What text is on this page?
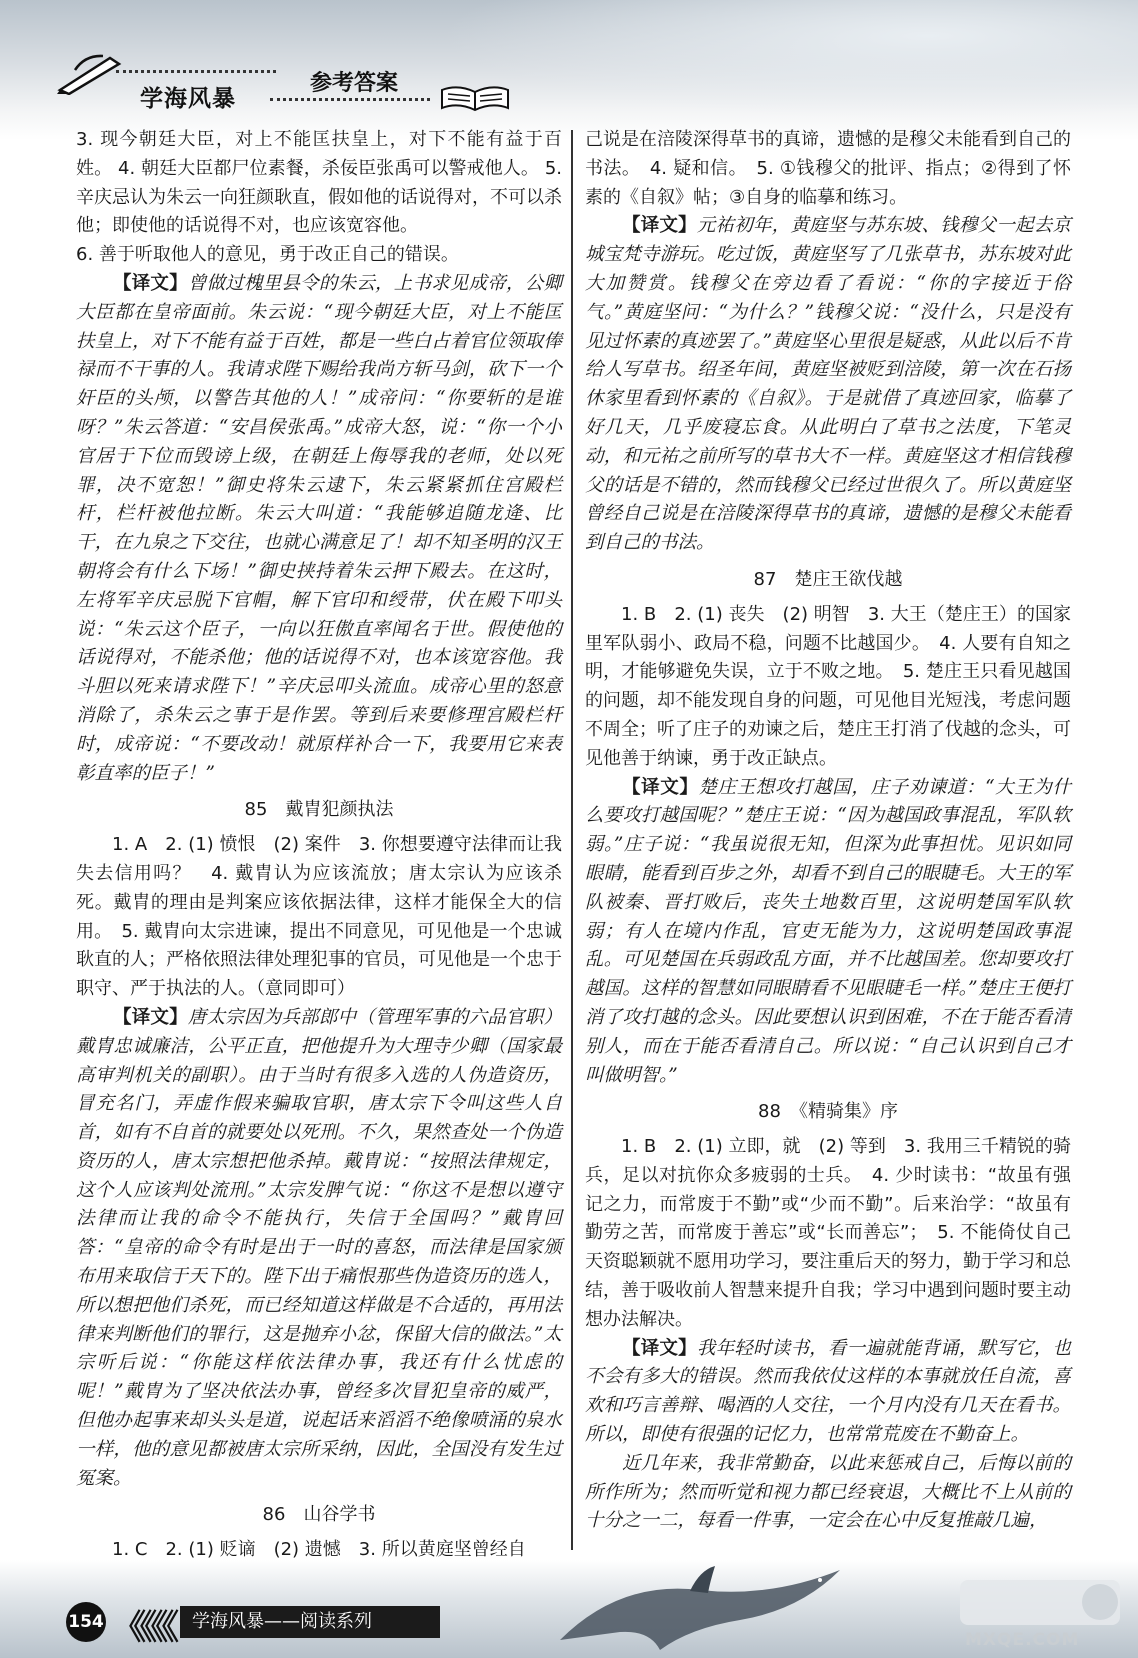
学海风暴
参考答案

3. 现今朝廷大臣，对上不能匡扶皇上，对下不能有益于百姓。 4. 朝廷大臣都尸位素餐，杀佞臣张禹可以警戒他人。 5. 辛庆忌认为朱云一向狂颜耿直，假如他的话说得对，不可以杀他；即使他的话说得不对，也应该宽容他。

6. 善于听取他人的意见，勇于改正自己的错误。

【译文】曾做过槐里县令的朱云，上书求见成帝，公卿大臣都在皇帝面前。朱云说：“现今朝廷大臣，对上不能匡扶皇上，对下不能有益于百姓，都是一些白占着官位领取俸禄而不干事的人。我请求陛下赐给我尚方斩马剑，砍下一个奸臣的头颅，以警告其他的人！”成帝问：“你要斩的是谁呀？”朱云答道：“安昌侯张禹。”成帝大怒，说：“你一个小官居于下位而毁谤上级，在朝廷上侮辱我的老师，处以死罪，决不宽恕！”御史将朱云逮下，朱云紧紧抓住宫殿栏杆，栏杆被他拉断。朱云大叫道：“我能够追随龙逄、比干，在九泉之下交往，也就心满意足了！却不知圣明的汉王朝将会有什么下场！”御史挟持着朱云押下殿去。在这时，左将军辛庆忌脱下官帽，解下官印和绶带，伏在殿下叩头说：“朱云这个臣子，一向以狂傲直率闻名于世。假使他的话说得对，不能杀他；他的话说得不对，也本该宽容他。我斗胆以死来请求陛下！”辛庆忌叩头流血。成帝心里的怒意消除了，杀朱云之事于是作罢。等到后来要修理宫殿栏杆时，成帝说：“不要改动！就原样补合一下，我要用它来表彰直率的臣子！”

85　戴胄犯颜执法

1. A　2. (1) 愤恨　(2) 案件　3. 你想要遵守法律而让我失去信用吗？　4. 戴胄认为应该流放；唐太宗认为应该杀死。戴胄的理由是判案应该依据法律，这样才能保全大的信用。　5. 戴胄向太宗进谏，提出不同意见，可见他是一个忠诚耿直的人；严格依照法律处理犯事的官员，可见他是一个忠于职守、严于执法的人。（意同即可）

【译文】唐太宗因为兵部郎中（管理军事的六品官职）戴胄忠诚廉洁，公平正直，把他提升为大理寺少卿（国家最高审判机关的副职）。由于当时有很多入选的人伪造资历，冒充名门，弄虚作假来骗取官职，唐太宗下令叫这些人自首，如有不自首的就要处以死刑。不久，果然查处一个伪造资历的人，唐太宗想把他杀掉。戴胄说：“按照法律规定，这个人应该判处流刑。”太宗发脾气说：“你这不是想以遵守法律而让我的命令不能执行，失信于全国吗？”戴胄回答：“皇帝的命令有时是出于一时的喜怒，而法律是国家颁布用来取信于天下的。陛下出于痛恨那些伪造资历的选人，所以想把他们杀死，而已经知道这样做是不合适的，再用法律来判断他们的罪行，这是抛弃小忿，保留大信的做法。”太宗听后说：“你能这样依法律办事，我还有什么忧虑的呢！”戴胄为了坚决依法办事，曾经多次冒犯皇帝的威严，但他办起事来却头头是道，说起话来滔滔不绝像喷涌的泉水一样，他的意见都被唐太宗所采纳，因此，全国没有发生过冤案。

86　山谷学书

1. C　2. (1) 贬谪　(2) 遗憾　3. 所以黄庭坚曾经自

己说是在涪陵深得草书的真谛，遗憾的是穆父未能看到自己的书法。　4. 疑和信。　5. ①钱穆父的批评、指点；②得到了怀素的《自叙》帖；③自身的临摹和练习。

【译文】元祐初年，黄庭坚与苏东坡、钱穆父一起去京城宝梵寺游玩。吃过饭，黄庭坚写了几张草书，苏东坡对此大加赞赏。钱穆父在旁边看了看说：“你的字接近于俗气。”黄庭坚问：“为什么？”钱穆父说：“没什么，只是没有见过怀素的真迹罢了。”黄庭坚心里很是疑惑，从此以后不肯给人写草书。绍圣年间，黄庭坚被贬到涪陵，第一次在石扬休家里看到怀素的《自叙》。于是就借了真迹回家，临摹了好几天，几乎废寝忘食。从此明白了草书之法度，下笔灵动，和元祐之前所写的草书大不一样。黄庭坚这才相信钱穆父的话是不错的，然而钱穆父已经过世很久了。所以黄庭坚曾经自己说是在涪陵深得草书的真谛，遗憾的是穆父未能看到自己的书法。

87　楚庄王欲伐越

1. B　2. (1) 丧失　(2) 明智　3. 大王（楚庄王）的国家里军队弱小、政局不稳，问题不比越国少。　4. 人要有自知之明，才能够避免失误，立于不败之地。　5. 楚庄王只看见越国的问题，却不能发现自身的问题，可见他目光短浅，考虑问题不周全；听了庄子的劝谏之后，楚庄王打消了伐越的念头，可见他善于纳谏，勇于改正缺点。

【译文】楚庄王想攻打越国，庄子劝谏道：“大王为什么要攻打越国呢？”楚庄王说：“因为越国政事混乱，军队软弱。”庄子说：“我虽说很无知，但深为此事担忧。见识如同眼睛，能看到百步之外，却看不到自己的眼睫毛。大王的军队被秦、晋打败后，丧失土地数百里，这说明楚国军队软弱；有人在境内作乱，官吏无能为力，这说明楚国政事混乱。可见楚国在兵弱政乱方面，并不比越国差。您却要攻打越国。这样的智慧如同眼睛看不见眼睫毛一样。”楚庄王便打消了攻打越的念头。因此要想认识到困难，不在于能否看清别人，而在于能否看清自己。所以说：“自己认识到自己才叫做明智。”

88　《精骑集》序

1. B　2. (1) 立即，就　(2) 等到　3. 我用三千精锐的骑兵，足以对抗你众多疲弱的士兵。　4. 少时读书：“故虽有强记之力，而常废于不勤”或“少而不勤”。后来治学：“故虽有勤劳之苦，而常废于善忘”或“长而善忘”；　5. 不能倚仗自己天资聪颖就不愿用功学习，要注重后天的努力，勤于学习和总结，善于吸收前人智慧来提升自我；学习中遇到问题时要主动想办法解决。

【译文】我年轻时读书，看一遍就能背诵，默写它，也不会有多大的错误。然而我依仗这样的本事就放任自流，喜欢和巧言善辩、喝酒的人交往，一个月内没有几天在看书。所以，即使有很强的记忆力，也常常荒废在不勤奋上。

近几年来，我非常勤奋，以此来惩戒自己，后悔以前的所作所为；然而听觉和视力都已经衰退，大概比不上从前的十分之一二，每看一件事，一定会在心中反复推敲几遍，

154 《《《《	学海风暴——阅读系列
MXQE.COM
